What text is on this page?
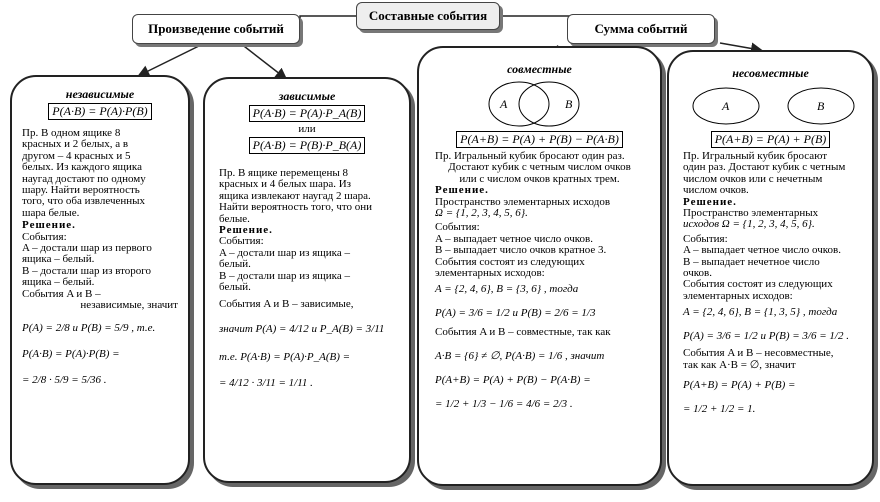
Составные события
Произведение событий	Сумма событий
независимые
P(A·B) = P(A)·P(B)
Пр. В одном ящике 8
красных и 2 белых, а в
другом – 4 красных и 5
белых. Из каждого ящика
наугад достают по одному
шару. Найти вероятность
того, что оба извлеченных
шара белые.
Решение.
События:
A – достали шар из первого
ящика – белый.
B – достали шар из второго
ящика – белый.
События A и B –
независимые, значит
P(A) = 2/8 и P(B) = 5/9 , т.е.
P(A·B) = P(A)·P(B) =
= 2/8 · 5/9 = 5/36 .
зависимые
P(A·B) = P(A)·P_A(B)
или
P(A·B) = P(B)·P_B(A)
Пр. В ящике перемещены 8
красных и 4 белых шара. Из
ящика извлекают наугад 2 шара.
Найти вероятность того, что они
белые.
Решение.
События:
A – достали шар из ящика –
белый.
B – достали шар из ящика –
белый.
События A и B – зависимые,
значит P(A) = 4/12 и P_A(B) = 3/11
т.е. P(A·B) = P(A)·P_A(B) =
= 4/12 · 3/11 = 1/11 .
совместные
A	B
P(A+B) = P(A) + P(B) − P(A·B)
Пр. Игральный кубик бросают один раз.
Достают кубик с четным числом очков
или с числом очков кратных трем.
Решение.
Пространство элементарных исходов
Ω = {1, 2, 3, 4, 5, 6}.
События:
A – выпадает четное число очков.
B – выпадает число очков кратное 3.
События состоят из следующих
элементарных исходов:
A = {2, 4, 6}, B = {3, 6} , тогда
P(A) = 3/6 = 1/2 и P(B) = 2/6 = 1/3
События A и B – совместные, так как
A·B = {6} ≠ ∅, P(A·B) = 1/6 , значит
P(A+B) = P(A) + P(B) − P(A·B) =
= 1/2 + 1/3 − 1/6 = 4/6 = 2/3 .
несовместные
A	B
P(A+B) = P(A) + P(B)
Пр. Игральный кубик бросают
один раз. Достают кубик с четным
числом очков или с нечетным
числом очков.
Решение.
Пространство элементарных
исходов Ω = {1, 2, 3, 4, 5, 6}.
События:
A – выпадает четное число очков.
B – выпадает нечетное число
очков.
События состоят из следующих
элементарных исходов:
A = {2, 4, 6}, B = {1, 3, 5} , тогда
P(A) = 3/6 = 1/2 и P(B) = 3/6 = 1/2 .
События A и B – несовместные,
так как A·B = ∅, значит
P(A+B) = P(A) + P(B) =
= 1/2 + 1/2 = 1.
